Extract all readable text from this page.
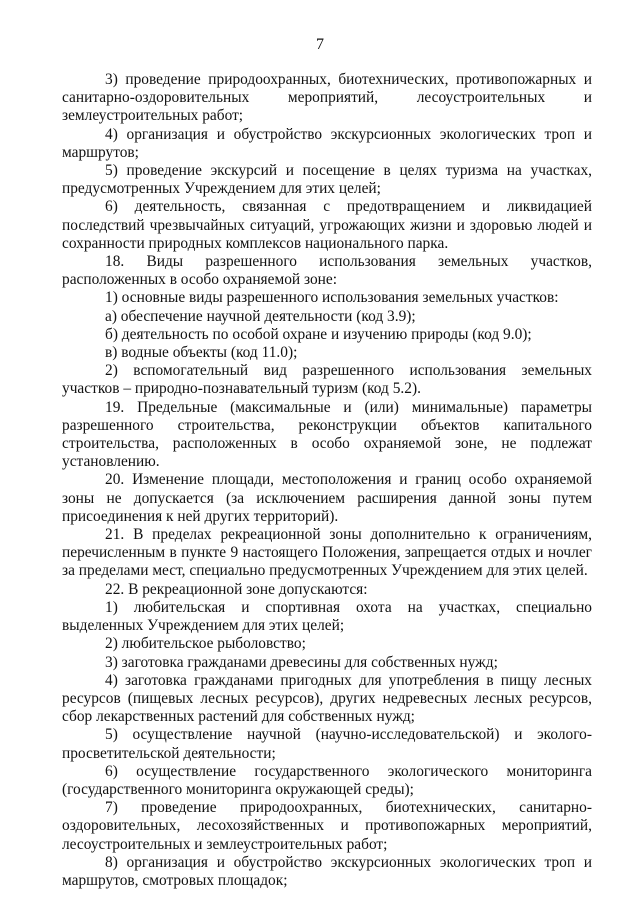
7

3) проведение природоохранных, биотехнических, противопожарных и санитарно-оздоровительных мероприятий, лесоустроительных и землеустроительных работ;

4) организация и обустройство экскурсионных экологических троп и маршрутов;

5) проведение экскурсий и посещение в целях туризма на участках, предусмотренных Учреждением для этих целей;

6) деятельность, связанная с предотвращением и ликвидацией последствий чрезвычайных ситуаций, угрожающих жизни и здоровью людей и сохранности природных комплексов национального парка.

18. Виды разрешенного использования земельных участков, расположенных в особо охраняемой зоне:

1) основные виды разрешенного использования земельных участков:

а) обеспечение научной деятельности (код 3.9);

б) деятельность по особой охране и изучению природы (код 9.0);

в) водные объекты (код 11.0);

2) вспомогательный вид разрешенного использования земельных участков – природно-познавательный туризм (код 5.2).

19. Предельные (максимальные и (или) минимальные) параметры разрешенного строительства, реконструкции объектов капитального строительства, расположенных в особо охраняемой зоне, не подлежат установлению.

20. Изменение площади, местоположения и границ особо охраняемой зоны не допускается (за исключением расширения данной зоны путем присоединения к ней других территорий).

21. В пределах рекреационной зоны дополнительно к ограничениям, перечисленным в пункте 9 настоящего Положения, запрещается отдых и ночлег за пределами мест, специально предусмотренных Учреждением для этих целей.

22. В рекреационной зоне допускаются:

1) любительская и спортивная охота на участках, специально выделенных Учреждением для этих целей;

2) любительское рыболовство;

3) заготовка гражданами древесины для собственных нужд;

4) заготовка гражданами пригодных для употребления в пищу лесных ресурсов (пищевых лесных ресурсов), других недревесных лесных ресурсов, сбор лекарственных растений для собственных нужд;

5) осуществление научной (научно-исследовательской) и эколого-просветительской деятельности;

6) осуществление государственного экологического мониторинга (государственного мониторинга окружающей среды);

7) проведение природоохранных, биотехнических, санитарно-оздоровительных, лесохозяйственных и противопожарных мероприятий, лесоустроительных и землеустроительных работ;

8) организация и обустройство экскурсионных экологических троп и маршрутов, смотровых площадок;
